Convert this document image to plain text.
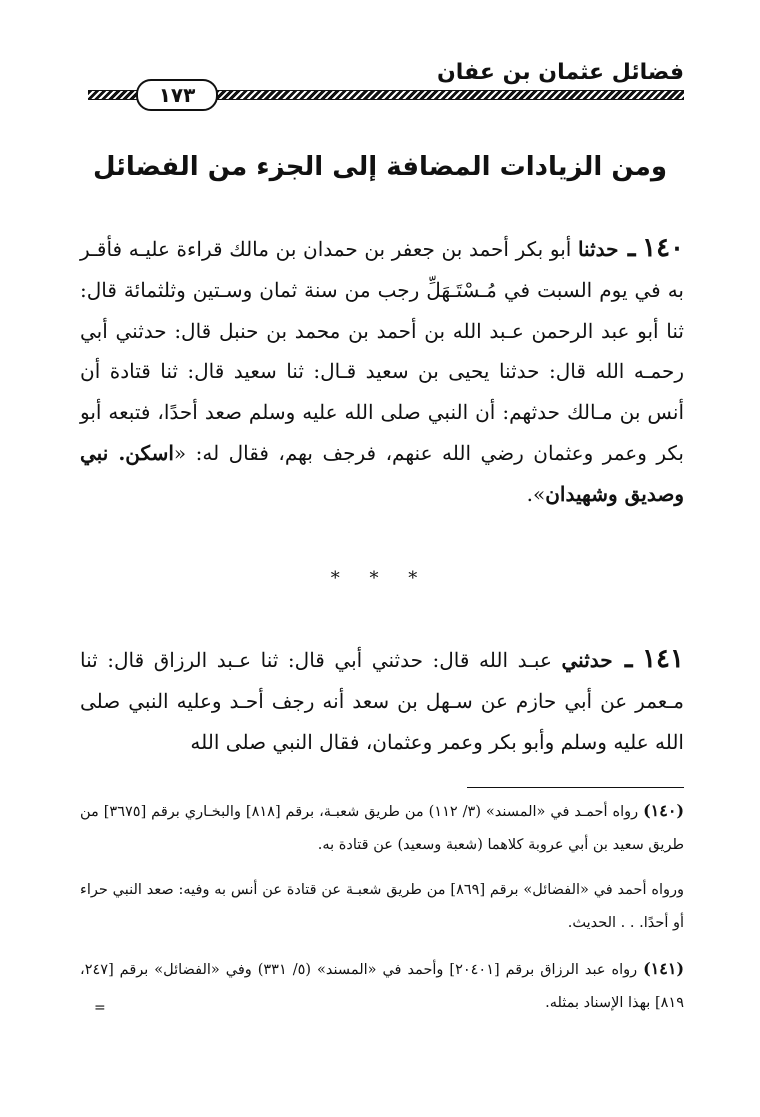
فضائل عثمان بن عفان
١٧٣
ومن الزيادات المضافة إلى الجزء من الفضائل
١٤٠ ـ حدثنا أبو بكر أحمد بن جعفر بن حمدان بن مالك قراءة عليـه فأقـر به في يوم السبت في مُـسْتَـهَلِّ رجب من سنة ثمان وسـتين وثلثمائة قال: ثنا أبو عبد الرحمن عـبد الله بن أحمد بن محمد بن حنبل قال: حدثني أبي رحمـه الله قال: حدثنا يحيى بن سعيد قـال: ثنا سعيد قال: ثنا قتادة أن أنس بن مـالك حدثهم: أن النبي صلى الله عليه وسلم صعد أحدًا، فتبعه أبو بكر وعمر وعثمان رضي الله عنهم، فرجف بهم، فقال له: «اسكن. نبي وصديق وشهيدان».
* * *
١٤١ ـ حدثني عبـد الله قال: حدثني أبي قال: ثنا عـبد الرزاق قال: ثنا مـعمر عن أبي حازم عن سـهل بن سعد أنه رجف أحـد وعليه النبي صلى الله عليه وسلم وأبو بكر وعمر وعثمان، فقال النبي صلى الله
(١٤٠) رواه أحمـد في «المسند» (٣/ ١١٢) من طريق شعبـة، برقم [٨١٨] والبخـاري برقم [٣٦٧٥] من طريق سعيد بن أبي عروبة كلاهما (شعبة وسعيد) عن قتادة به.
ورواه أحمد في «الفضائل» برقم [٨٦٩] من طريق شعبـة عن قتادة عن أنس به وفيه: صعد النبي حراء أو أحدًا. . . الحديث.
(١٤١) رواه عبد الرزاق برقم [٢٠٤٠١] وأحمد في «المسند» (٥/ ٣٣١) وفي «الفضائل» برقم [٢٤٧، ٨١٩] بهذا الإسناد بمثله.
=
